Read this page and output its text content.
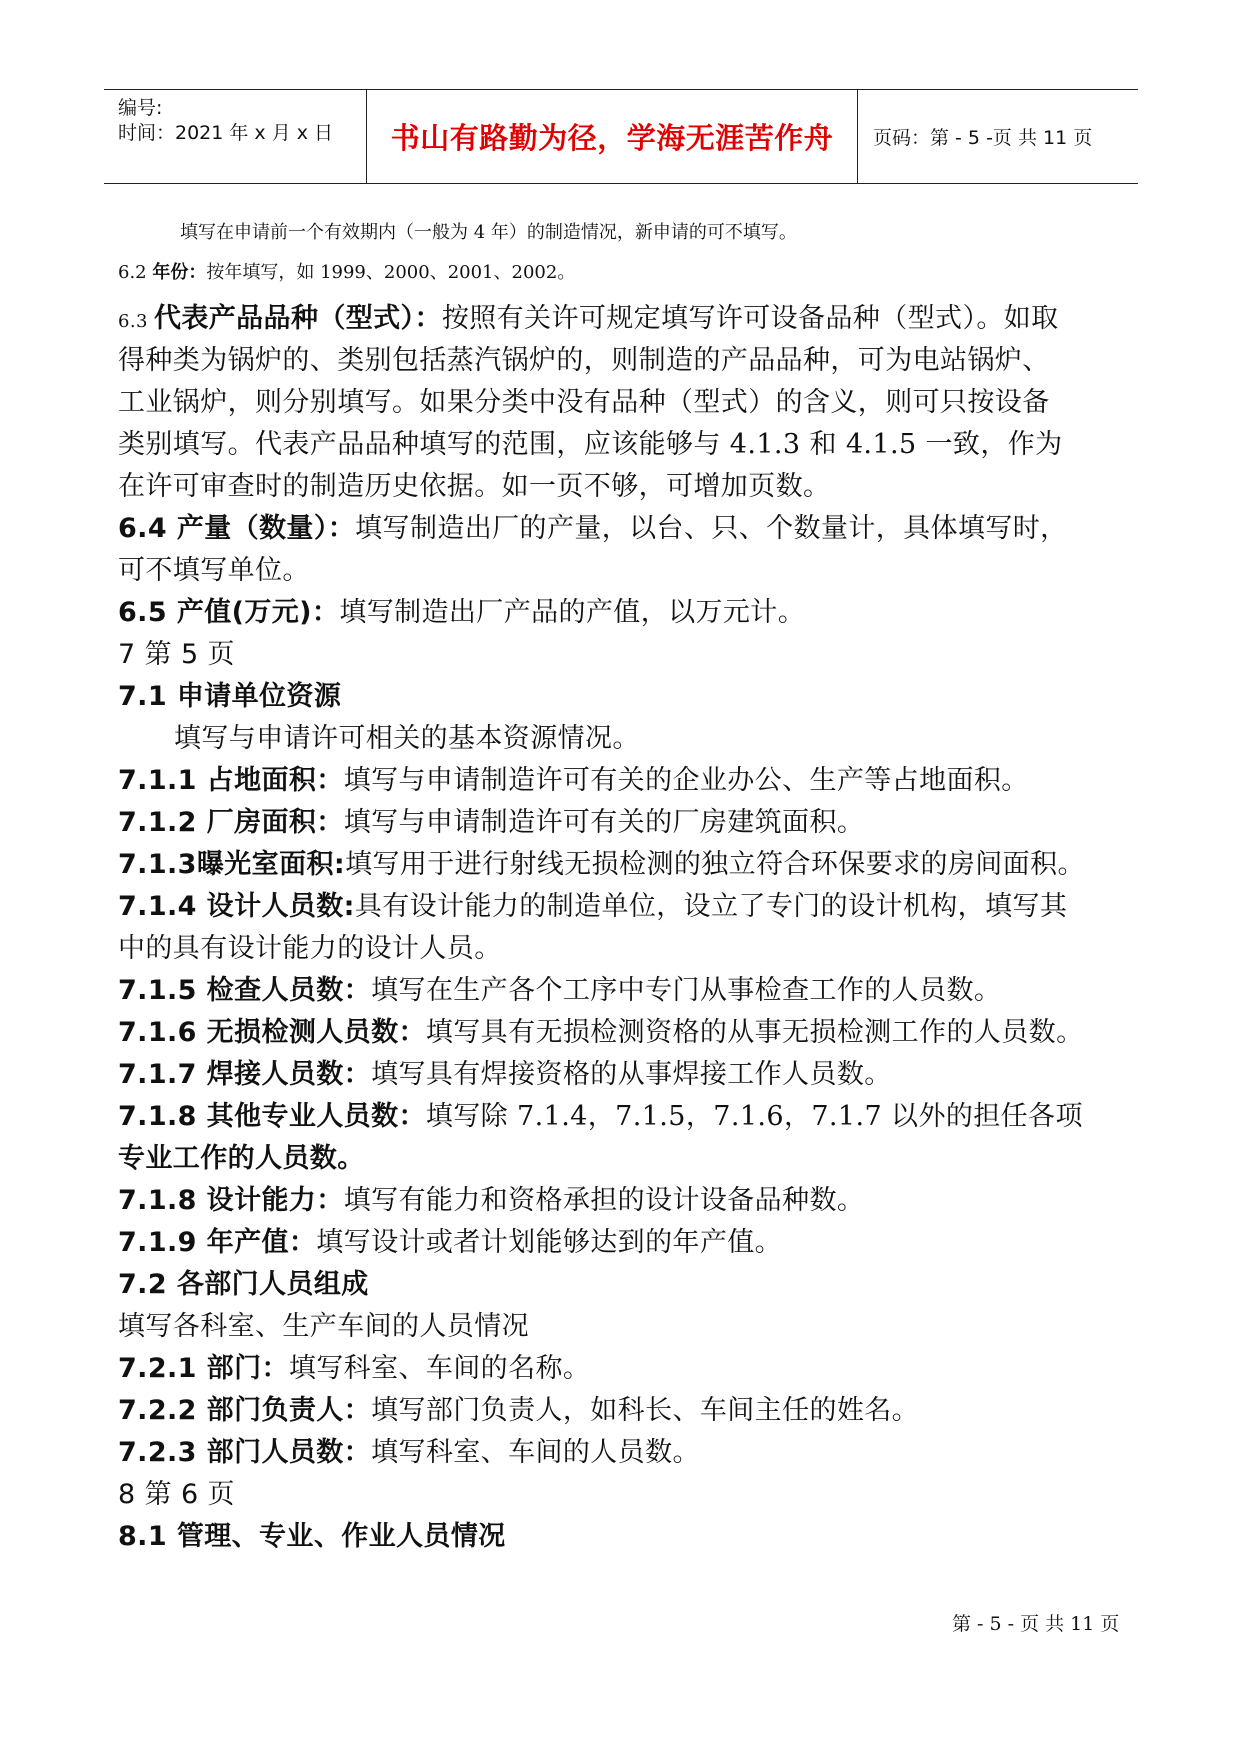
编号:
时间：2021 年 x 月 x 日	书山有路勤为径，学海无涯苦作舟	页码：第 - 5 -页 共 11 页
填写在申请前一个有效期内（一般为 4 年）的制造情况，新申请的可不填写。
6.2 年份：按年填写，如 1999、2000、2001、2002。
6.3 代表产品品种（型式）：按照有关许可规定填写许可设备品种（型式）。如取
得种类为锅炉的、类别包括蒸汽锅炉的，则制造的产品品种，可为电站锅炉、
工业锅炉，则分别填写。如果分类中没有品种（型式）的含义，则可只按设备
类别填写。代表产品品种填写的范围，应该能够与 4.1.3 和 4.1.5 一致，作为
在许可审查时的制造历史依据。如一页不够，可增加页数。
6.4 产量（数量）：填写制造出厂的产量，以台、只、个数量计，具体填写时，
可不填写单位。
6.5 产值(万元)：填写制造出厂产品的产值，以万元计。
7 第 5 页
7.1 申请单位资源
填写与申请许可相关的基本资源情况。
7.1.1 占地面积：填写与申请制造许可有关的企业办公、生产等占地面积。
7.1.2 厂房面积：填写与申请制造许可有关的厂房建筑面积。
7.1.3曝光室面积:填写用于进行射线无损检测的独立符合环保要求的房间面积。
7.1.4 设计人员数:具有设计能力的制造单位，设立了专门的设计机构，填写其
中的具有设计能力的设计人员。
7.1.5 检查人员数：填写在生产各个工序中专门从事检查工作的人员数。
7.1.6 无损检测人员数：填写具有无损检测资格的从事无损检测工作的人员数。
7.1.7 焊接人员数：填写具有焊接资格的从事焊接工作人员数。
7.1.8 其他专业人员数：填写除 7.1.4，7.1.5，7.1.6，7.1.7 以外的担任各项
专业工作的人员数。
7.1.8 设计能力：填写有能力和资格承担的设计设备品种数。
7.1.9 年产值：填写设计或者计划能够达到的年产值。
7.2 各部门人员组成
填写各科室、生产车间的人员情况
7.2.1 部门：填写科室、车间的名称。
7.2.2 部门负责人：填写部门负责人，如科长、车间主任的姓名。
7.2.3 部门人员数：填写科室、车间的人员数。
8 第 6 页
8.1 管理、专业、作业人员情况
第 - 5 - 页 共 11 页
